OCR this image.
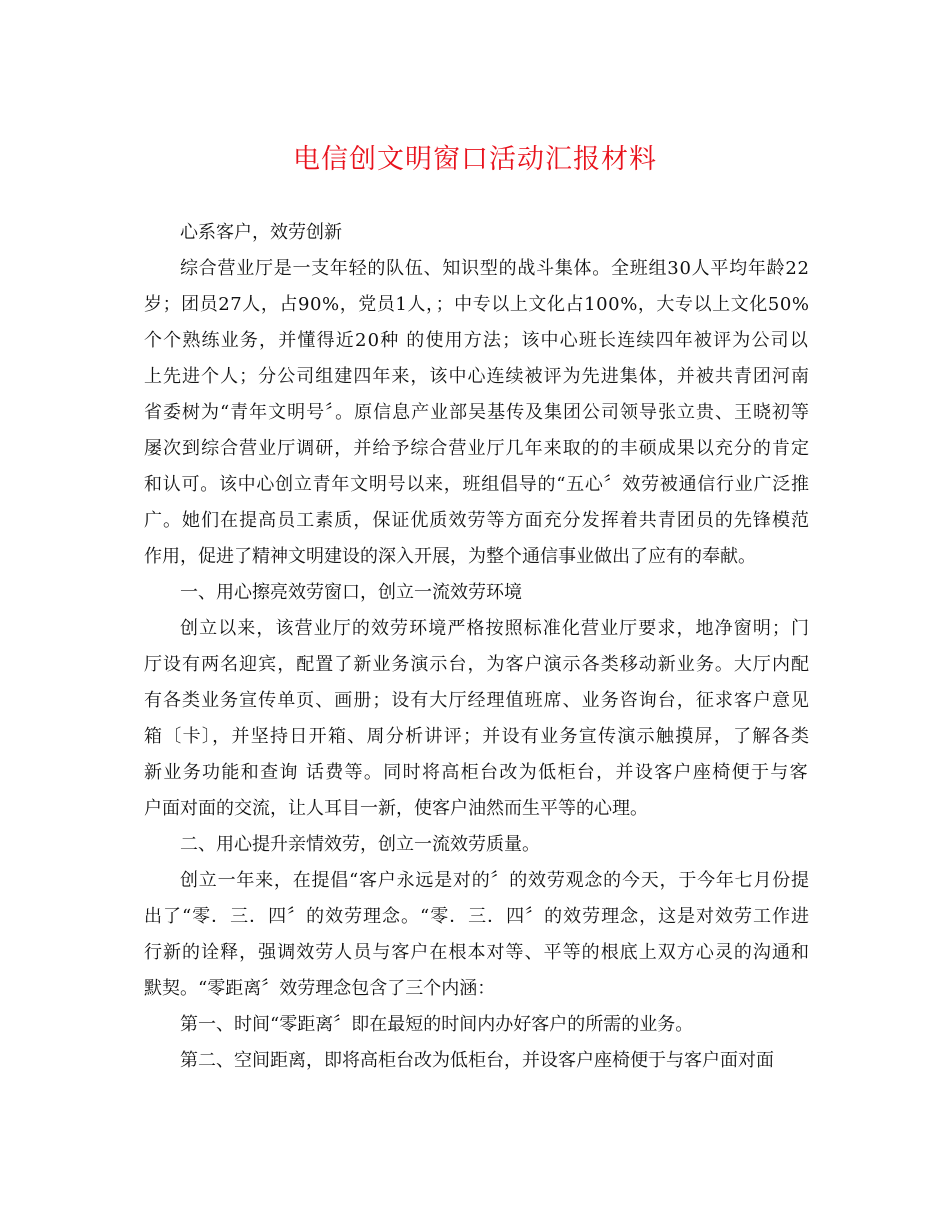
电信创文明窗口活动汇报材料
心系客户，效劳创新
综合营业厅是一支年轻的队伍、知识型的战斗集体。全班组30人平均年龄22
岁；团员27人，占90%，党员1人，；中专以上文化占100%，大专以上文化50%
个个熟练业务，并懂得近20种 的使用方法；该中心班长连续四年被评为公司以
上先进个人；分公司组建四年来，该中心连续被评为先进集体，并被共青团河南
省委树为“青年文明号〞。原信息产业部吴基传及集团公司领导张立贵、王晓初等
屡次到综合营业厅调研，并给予综合营业厅几年来取的的丰硕成果以充分的肯定
和认可。该中心创立青年文明号以来，班组倡导的“五心〞效劳被通信行业广泛推
广。她们在提高员工素质，保证优质效劳等方面充分发挥着共青团员的先锋模范
作用，促进了精神文明建设的深入开展，为整个通信事业做出了应有的奉献。
一、用心擦亮效劳窗口，创立一流效劳环境
创立以来，该营业厅的效劳环境严格按照标准化营业厅要求，地净窗明；门
厅设有两名迎宾，配置了新业务演示台，为客户演示各类移动新业务。大厅内配
有各类业务宣传单页、画册；设有大厅经理值班席、业务咨询台，征求客户意见
箱〔卡〕，并坚持日开箱、周分析讲评；并设有业务宣传演示触摸屏，了解各类
新业务功能和查询 话费等。同时将高柜台改为低柜台，并设客户座椅便于与客
户面对面的交流，让人耳目一新，使客户油然而生平等的心理。
二、用心提升亲情效劳，创立一流效劳质量。
创立一年来，在提倡“客户永远是对的〞的效劳观念的今天，于今年七月份提
出了“零．三．四〞的效劳理念。“零．三．四〞的效劳理念，这是对效劳工作进
行新的诠释，强调效劳人员与客户在根本对等、平等的根底上双方心灵的沟通和
默契。“零距离〞效劳理念包含了三个内涵：
第一、时间“零距离〞即在最短的时间内办好客户的所需的业务。
第二、空间距离，即将高柜台改为低柜台，并设客户座椅便于与客户面对面
